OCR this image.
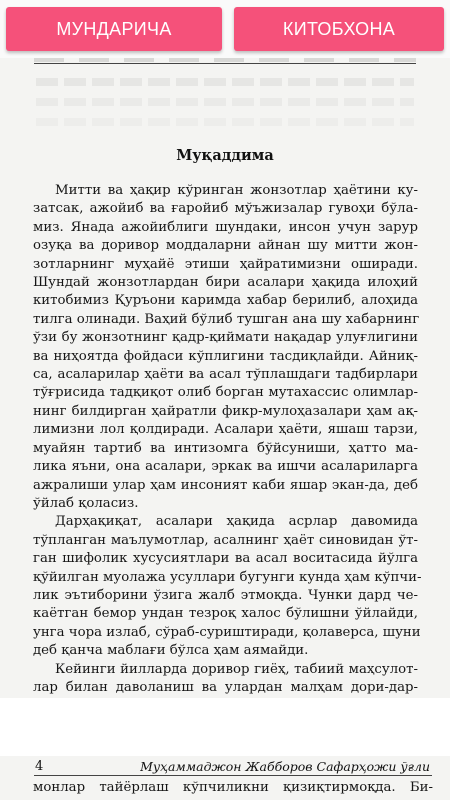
МУНДАРИЧА	КИТОБХОНА
Муқаддима
Митти ва ҳақир кўринган жонзотлар ҳаётини ку-
затсак, ажойиб ва ғаройиб мўъжизалар гувоҳи бўла-
миз. Янада ажойиблиги шундаки, инсон учун зарур
озуқа ва доривор моддаларни айнан шу митти жон-
зотларнинг муҳайё этиши ҳайратимизни оширади.
Шундай жонзотлардан бири асалари ҳақида илоҳий
китобимиз Қуръони каримда хабар берилиб, алоҳида
тилга олинади. Ваҳий бўлиб тушган ана шу хабарнинг
ўзи бу жонзотнинг қадр-қиймати нақадар улуғлигини
ва ниҳоятда фойдаси кўплигини тасдиқлайди. Айниқ-
са, асаларилар ҳаёти ва асал тўплашдаги тадбирлари
тўғрисида тадқиқот олиб борган мутахассис олимлар-
нинг билдирган ҳайратли фикр-мулоҳазалари ҳам ақ-
лимизни лол қолдиради. Асалари ҳаёти, яшаш тарзи,
муайян тартиб ва интизомга бўйсуниши, ҳатто ма-
лика яъни, она асалари, эркак ва ишчи асалариларга
ажралиши улар ҳам инсоният каби яшар экан-да, деб
ўйлаб қоласиз.
Дарҳақиқат, асалари ҳақида асрлар давомида
тўпланган маълумотлар, асалнинг ҳаёт синовидан ўт-
ган шифолик хусусиятлари ва асал воситасида йўлга
қўйилган муолажа усуллари бугунги кунда ҳам кўпчи-
лик эътиборини ўзига жалб этмоқда. Чунки дард че-
каётган бемор ундан тезроқ халос бўлишни ўйлайди,
унга чора излаб, сўраб-суриштиради, қолаверса, шуни
деб қанча маблағи бўлса ҳам аямайди.
Кейинги йилларда доривор гиёҳ, табиий маҳсулот-
лар билан даволаниш ва улардан малҳам дори-дар-
4	Муҳаммаджон Жабборов Сафарҳожи ўғли
монлар тайёрлаш кўпчиликни қизиқтирмоқда. Би-
